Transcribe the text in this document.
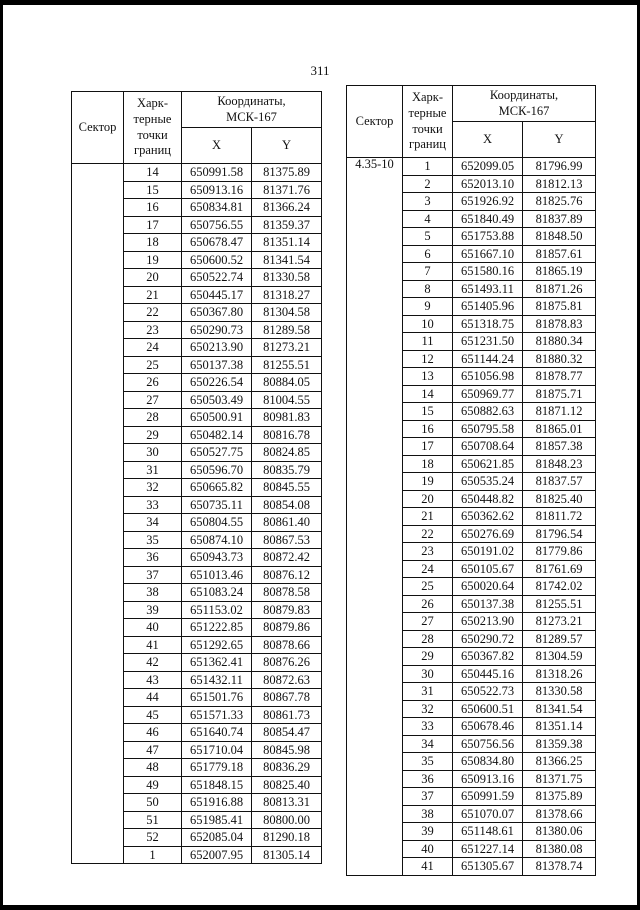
311
Сектор	Харк-
терные
точки
границ	Координаты,
МСК-167	
		X	Y
	14	650991.58	81375.89
	15	650913.16	81371.76
	16	650834.81	81366.24
	17	650756.55	81359.37
	18	650678.47	81351.14
	19	650600.52	81341.54
	20	650522.74	81330.58
	21	650445.17	81318.27
	22	650367.80	81304.58
	23	650290.73	81289.58
	24	650213.90	81273.21
	25	650137.38	81255.51
	26	650226.54	80884.05
	27	650503.49	81004.55
	28	650500.91	80981.83
	29	650482.14	80816.78
	30	650527.75	80824.85
	31	650596.70	80835.79
	32	650665.82	80845.55
	33	650735.11	80854.08
	34	650804.55	80861.40
	35	650874.10	80867.53
	36	650943.73	80872.42
	37	651013.46	80876.12
	38	651083.24	80878.58
	39	651153.02	80879.83
	40	651222.85	80879.86
	41	651292.65	80878.66
	42	651362.41	80876.26
	43	651432.11	80872.63
	44	651501.76	80867.78
	45	651571.33	80861.73
	46	651640.74	80854.47
	47	651710.04	80845.98
	48	651779.18	80836.29
	49	651848.15	80825.40
	50	651916.88	80813.31
	51	651985.41	80800.00
	52	652085.04	81290.18
	1	652007.95	81305.14
Сектор	Харк-
терные
точки
границ	Координаты,
МСК-167	
		X	Y
4.35-10	1	652099.05	81796.99
	2	652013.10	81812.13
	3	651926.92	81825.76
	4	651840.49	81837.89
	5	651753.88	81848.50
	6	651667.10	81857.61
	7	651580.16	81865.19
	8	651493.11	81871.26
	9	651405.96	81875.81
	10	651318.75	81878.83
	11	651231.50	81880.34
	12	651144.24	81880.32
	13	651056.98	81878.77
	14	650969.77	81875.71
	15	650882.63	81871.12
	16	650795.58	81865.01
	17	650708.64	81857.38
	18	650621.85	81848.23
	19	650535.24	81837.57
	20	650448.82	81825.40
	21	650362.62	81811.72
	22	650276.69	81796.54
	23	650191.02	81779.86
	24	650105.67	81761.69
	25	650020.64	81742.02
	26	650137.38	81255.51
	27	650213.90	81273.21
	28	650290.72	81289.57
	29	650367.82	81304.59
	30	650445.16	81318.26
	31	650522.73	81330.58
	32	650600.51	81341.54
	33	650678.46	81351.14
	34	650756.56	81359.38
	35	650834.80	81366.25
	36	650913.16	81371.75
	37	650991.59	81375.89
	38	651070.07	81378.66
	39	651148.61	81380.06
	40	651227.14	81380.08
	41	651305.67	81378.74
